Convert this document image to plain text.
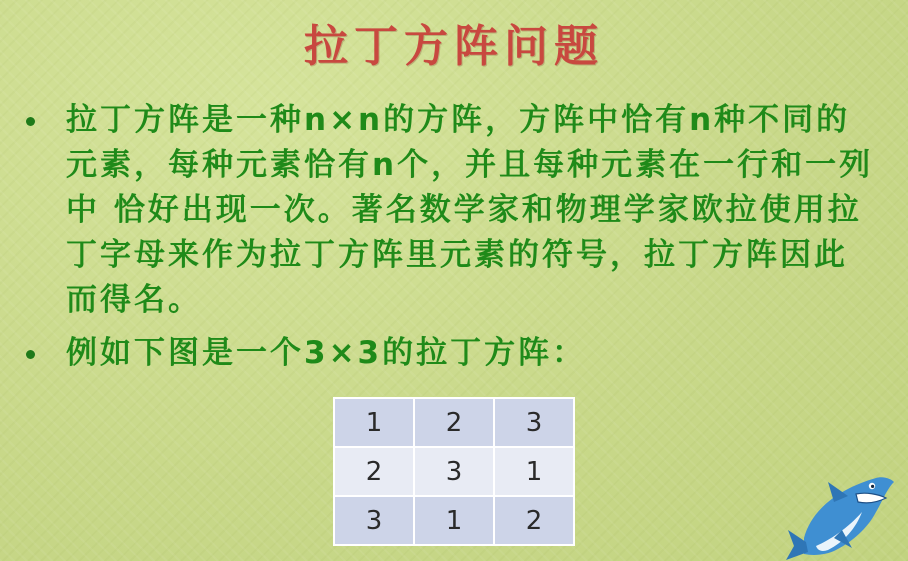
拉丁方阵问题
拉丁方阵是一种n×n的方阵，方阵中恰有n种不同的元素，每种元素恰有n个，并且每种元素在一行和一列中 恰好出现一次。著名数学家和物理学家欧拉使用拉丁字母来作为拉丁方阵里元素的符号，拉丁方阵因此而得名。
例如下图是一个3×3的拉丁方阵：
1	2	3
2	3	1
3	1	2
